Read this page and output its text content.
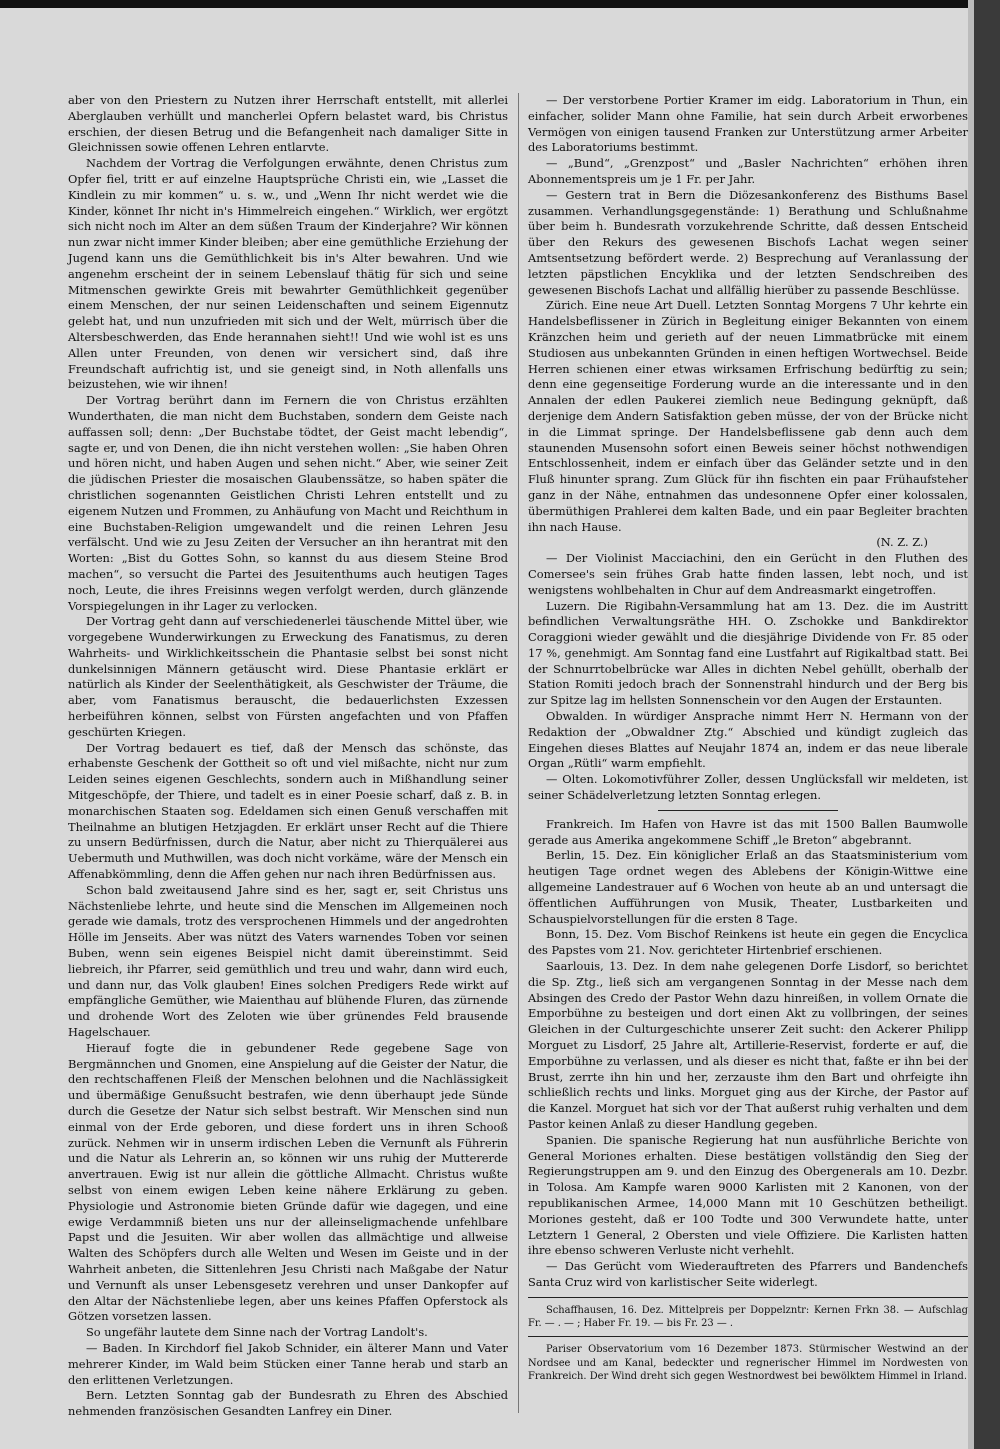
aber von den Priestern zu Nutzen ihrer Herrschaft entstellt, mit allerlei Aberglauben verhüllt und mancherlei Opfern belastet ward, bis Christus erschien, der diesen Betrug und die Befangenheit nach damaliger Sitte in Gleichnissen sowie offenen Lehren entlarvte.

Nachdem der Vortrag die Verfolgungen erwähnte, denen Christus zum Opfer fiel, tritt er auf einzelne Hauptsprüche Christi ein, wie „Lasset die Kindlein zu mir kommen“ u. s. w., und „Wenn Ihr nicht werdet wie die Kinder, könnet Ihr nicht in's Himmelreich eingehen.“ Wirklich, wer ergötzt sich nicht noch im Alter an dem süßen Traum der Kinderjahre? Wir können nun zwar nicht immer Kinder bleiben; aber eine gemüthliche Erziehung der Jugend kann uns die Gemüthlichkeit bis in's Alter bewahren. Und wie angenehm erscheint der in seinem Lebenslauf thätig für sich und seine Mitmenschen gewirkte Greis mit bewahrter Gemüthlichkeit gegenüber einem Menschen, der nur seinen Leidenschaften und seinem Eigennutz gelebt hat, und nun unzufrieden mit sich und der Welt, mürrisch über die Altersbeschwerden, das Ende herannahen sieht!! Und wie wohl ist es uns Allen unter Freunden, von denen wir versichert sind, daß ihre Freundschaft aufrichtig ist, und sie geneigt sind, in Noth allenfalls uns beizustehen, wie wir ihnen!

Der Vortrag berührt dann im Fernern die von Christus erzählten Wunderthaten, die man nicht dem Buchstaben, sondern dem Geiste nach auffassen soll; denn: „Der Buchstabe tödtet, der Geist macht lebendig“, sagte er, und von Denen, die ihn nicht verstehen wollen: „Sie haben Ohren und hören nicht, und haben Augen und sehen nicht.“ Aber, wie seiner Zeit die jüdischen Priester die mosaischen Glaubenssätze, so haben später die christlichen sogenannten Geistlichen Christi Lehren entstellt und zu eigenem Nutzen und Frommen, zu Anhäufung von Macht und Reichthum in eine Buchstaben-Religion umgewandelt und die reinen Lehren Jesu verfälscht. Und wie zu Jesu Zeiten der Versucher an ihn herantrat mit den Worten: „Bist du Gottes Sohn, so kannst du aus diesem Steine Brod machen“, so versucht die Partei des Jesuitenthums auch heutigen Tages noch, Leute, die ihres Freisinns wegen verfolgt werden, durch glänzende Vorspiegelungen in ihr Lager zu verlocken.

Der Vortrag geht dann auf verschiedenerlei täuschende Mittel über, wie vorgegebene Wunderwirkungen zu Erweckung des Fanatismus, zu deren Wahrheits- und Wirklichkeitsschein die Phantasie selbst bei sonst nicht dunkelsinnigen Männern getäuscht wird. Diese Phantasie erklärt er natürlich als Kinder der Seelenthätigkeit, als Geschwister der Träume, die aber, vom Fanatismus berauscht, die bedauerlichsten Exzessen herbeiführen können, selbst von Fürsten angefachten und von Pfaffen geschürten Kriegen.

Der Vortrag bedauert es tief, daß der Mensch das schönste, das erhabenste Geschenk der Gottheit so oft und viel mißachte, nicht nur zum Leiden seines eigenen Geschlechts, sondern auch in Mißhandlung seiner Mitgeschöpfe, der Thiere, und tadelt es in einer Poesie scharf, daß z. B. in monarchischen Staaten sog. Edeldamen sich einen Genuß verschaffen mit Theilnahme an blutigen Hetzjagden. Er erklärt unser Recht auf die Thiere zu unsern Bedürfnissen, durch die Natur, aber nicht zu Thierquälerei aus Uebermuth und Muthwillen, was doch nicht vorkäme, wäre der Mensch ein Affenabkömmling, denn die Affen gehen nur nach ihren Bedürfnissen aus.

Schon bald zweitausend Jahre sind es her, sagt er, seit Christus uns Nächstenliebe lehrte, und heute sind die Menschen im Allgemeinen noch gerade wie damals, trotz des versprochenen Himmels und der angedrohten Hölle im Jenseits. Aber was nützt des Vaters warnendes Toben vor seinen Buben, wenn sein eigenes Beispiel nicht damit übereinstimmt. Seid liebreich, ihr Pfarrer, seid gemüthlich und treu und wahr, dann wird euch, und dann nur, das Volk glauben! Eines solchen Predigers Rede wirkt auf empfängliche Gemüther, wie Maienthau auf blühende Fluren, das zürnende und drohende Wort des Zeloten wie über grünendes Feld brausende Hagelschauer.

Hierauf fogte die in gebundener Rede gegebene Sage von Bergmännchen und Gnomen, eine Anspielung auf die Geister der Natur, die den rechtschaffenen Fleiß der Menschen belohnen und die Nachlässigkeit und übermäßige Genußsucht bestrafen, wie denn überhaupt jede Sünde durch die Gesetze der Natur sich selbst bestraft. Wir Menschen sind nun einmal von der Erde geboren, und diese fordert uns in ihren Schooß zurück. Nehmen wir in unserm irdischen Leben die Vernunft als Führerin und die Natur als Lehrerin an, so können wir uns ruhig der Muttererde anvertrauen. Ewig ist nur allein die göttliche Allmacht. Christus wußte selbst von einem ewigen Leben keine nähere Erklärung zu geben. Physiologie und Astronomie bieten Gründe dafür wie dagegen, und eine ewige Verdammniß bieten uns nur der alleinseligmachende unfehlbare Papst und die Jesuiten. Wir aber wollen das allmächtige und allweise Walten des Schöpfers durch alle Welten und Wesen im Geiste und in der Wahrheit anbeten, die Sittenlehren Jesu Christi nach Maßgabe der Natur und Vernunft als unser Lebensgesetz verehren und unser Dankopfer auf den Altar der Nächstenliebe legen, aber uns keines Pfaffen Opferstock als Götzen vorsetzen lassen.

So ungefähr lautete dem Sinne nach der Vortrag Landolt's.

— Baden. In Kirchdorf fiel Jakob Schnider, ein älterer Mann und Vater mehrerer Kinder, im Wald beim Stücken einer Tanne herab und starb an den erlittenen Verletzungen.

Bern. Letzten Sonntag gab der Bundesrath zu Ehren des Abschied nehmenden französischen Gesandten Lanfrey ein Diner.

— Der verstorbene Portier Kramer im eidg. Laboratorium in Thun, ein einfacher, solider Mann ohne Familie, hat sein durch Arbeit erworbenes Vermögen von einigen tausend Franken zur Unterstützung armer Arbeiter des Laboratoriums bestimmt.

— „Bund“, „Grenzpost“ und „Basler Nachrichten“ erhöhen ihren Abonnementspreis um je 1 Fr. per Jahr.

— Gestern trat in Bern die Diözesankonferenz des Bisthums Basel zusammen. Verhandlungsgegenstände: 1) Berathung und Schlußnahme über beim h. Bundesrath vorzukehrende Schritte, daß dessen Entscheid über den Rekurs des gewesenen Bischofs Lachat wegen seiner Amtsentsetzung befördert werde. 2) Besprechung auf Veranlassung der letzten päpstlichen Encyklika und der letzten Sendschreiben des gewesenen Bischofs Lachat und allfällig hierüber zu passende Beschlüsse.

Zürich. Eine neue Art Duell. Letzten Sonntag Morgens 7 Uhr kehrte ein Handelsbeflissener in Zürich in Begleitung einiger Bekannten von einem Kränzchen heim und gerieth auf der neuen Limmatbrücke mit einem Studiosen aus unbekannten Gründen in einen heftigen Wortwechsel. Beide Herren schienen einer etwas wirksamen Erfrischung bedürftig zu sein; denn eine gegenseitige Forderung wurde an die interessante und in den Annalen der edlen Paukerei ziemlich neue Bedingung geknüpft, daß derjenige dem Andern Satisfaktion geben müsse, der von der Brücke nicht in die Limmat springe. Der Handelsbeflissene gab denn auch dem staunenden Musensohn sofort einen Beweis seiner höchst nothwendigen Entschlossenheit, indem er einfach über das Geländer setzte und in den Fluß hinunter sprang. Zum Glück für ihn fischten ein paar Frühaufsteher ganz in der Nähe, entnahmen das undesonnene Opfer einer kolossalen, übermüthigen Prahlerei dem kalten Bade, und ein paar Begleiter brachten ihn nach Hause.

(N. Z. Z.)

— Der Violinist Macciachini, den ein Gerücht in den Fluthen des Comersee's sein frühes Grab hatte finden lassen, lebt noch, und ist wenigstens wohlbehalten in Chur auf dem Andreasmarkt eingetroffen.

Luzern. Die Rigibahn-Versammlung hat am 13. Dez. die im Austritt befindlichen Verwaltungsräthe HH. O. Zschokke und Bankdirektor Coraggioni wieder gewählt und die diesjährige Dividende von Fr. 85 oder 17 %, genehmigt. Am Sonntag fand eine Lustfahrt auf Rigikaltbad statt. Bei der Schnurrtobelbrücke war Alles in dichten Nebel gehüllt, oberhalb der Station Romiti jedoch brach der Sonnenstrahl hindurch und der Berg bis zur Spitze lag im hellsten Sonnenschein vor den Augen der Erstaunten.

Obwalden. In würdiger Ansprache nimmt Herr N. Hermann von der Redaktion der „Obwaldner Ztg.“ Abschied und kündigt zugleich das Eingehen dieses Blattes auf Neujahr 1874 an, indem er das neue liberale Organ „Rütli“ warm empfiehlt.

— Olten. Lokomotivführer Zoller, dessen Unglücksfall wir meldeten, ist seiner Schädelverletzung letzten Sonntag erlegen.

Frankreich. Im Hafen von Havre ist das mit 1500 Ballen Baumwolle gerade aus Amerika angekommene Schiff „le Breton“ abgebrannt.

Berlin, 15. Dez. Ein königlicher Erlaß an das Staatsministerium vom heutigen Tage ordnet wegen des Ablebens der Königin-Wittwe eine allgemeine Landestrauer auf 6 Wochen von heute ab an und untersagt die öffentlichen Aufführungen von Musik, Theater, Lustbarkeiten und Schauspielvorstellungen für die ersten 8 Tage.

Bonn, 15. Dez. Vom Bischof Reinkens ist heute ein gegen die Encyclica des Papstes vom 21. Nov. gerichteter Hirtenbrief erschienen.

Saarlouis, 13. Dez. In dem nahe gelegenen Dorfe Lisdorf, so berichtet die Sp. Ztg., ließ sich am vergangenen Sonntag in der Messe nach dem Absingen des Credo der Pastor Wehn dazu hinreißen, in vollem Ornate die Emporbühne zu besteigen und dort einen Akt zu vollbringen, der seines Gleichen in der Culturgeschichte unserer Zeit sucht: den Ackerer Philipp Morguet zu Lisdorf, 25 Jahre alt, Artillerie-Reservist, forderte er auf, die Emporbühne zu verlassen, und als dieser es nicht that, faßte er ihn bei der Brust, zerrte ihn hin und her, zerzauste ihm den Bart und ohrfeigte ihn schließlich rechts und links. Morguet ging aus der Kirche, der Pastor auf die Kanzel. Morguet hat sich vor der That außerst ruhig verhalten und dem Pastor keinen Anlaß zu dieser Handlung gegeben.

Spanien. Die spanische Regierung hat nun ausführliche Berichte von General Moriones erhalten. Diese bestätigen vollständig den Sieg der Regierungstruppen am 9. und den Einzug des Obergenerals am 10. Dezbr. in Tolosa. Am Kampfe waren 9000 Karlisten mit 2 Kanonen, von der republikanischen Armee, 14,000 Mann mit 10 Geschützen betheiligt. Moriones gesteht, daß er 100 Todte und 300 Verwundete hatte, unter Letztern 1 General, 2 Obersten und viele Offiziere. Die Karlisten hatten ihre ebenso schweren Verluste nicht verhehlt.

— Das Gerücht vom Wiederauftreten des Pfarrers und Bandenchefs Santa Cruz wird von karlistischer Seite widerlegt.

Schaffhausen, 16. Dez. Mittelpreis per Doppelzntr: Kernen Frkn 38. — Aufschlag Fr. — . — ; Haber Fr. 19. — bis Fr. 23 — .

Pariser Observatorium vom 16 Dezember 1873. Stürmischer Westwind an der Nordsee und am Kanal, bedeckter und regnerischer Himmel im Nordwesten von Frankreich. Der Wind dreht sich gegen Westnordwest bei bewölktem Himmel in Irland.
